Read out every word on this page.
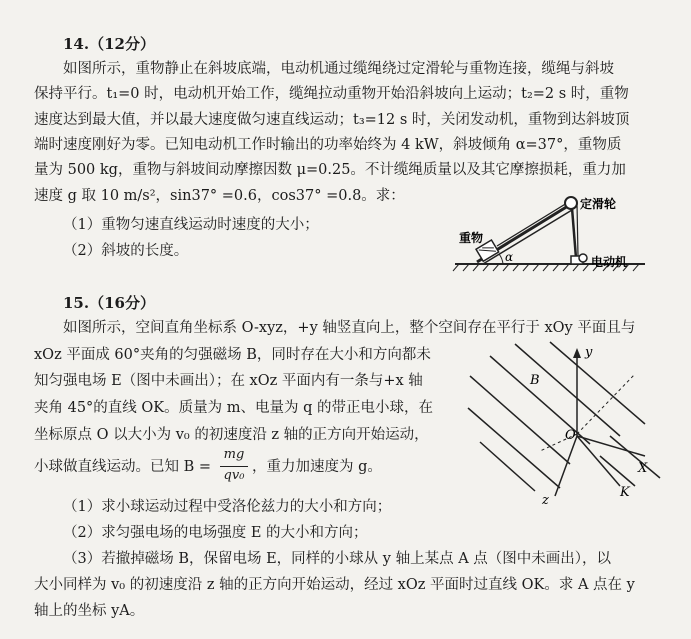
14.（12分）
如图所示，重物静止在斜坡底端，电动机通过缆绳绕过定滑轮与重物连接，缆绳与斜坡
保持平行。t₁=0 时，电动机开始工作，缆绳拉动重物开始沿斜坡向上运动；t₂=2 s 时，重物
速度达到最大值，并以最大速度做匀速直线运动；t₃=12 s 时，关闭发动机，重物到达斜坡顶
端时速度刚好为零。已知电动机工作时输出的功率始终为 4 kW，斜坡倾角 α=37°，重物质
量为 500 kg，重物与斜坡间动摩擦因数 μ=0.25。不计缆绳质量以及其它摩擦损耗，重力加
速度 g 取 10 m/s²，sin37° =0.6，cos37° =0.8。求：
（1）重物匀速直线运动时速度的大小；
（2）斜坡的长度。	α
定滑轮
重物
电动机
15.（16分）
如图所示，空间直角坐标系 O-xyz，+y 轴竖直向上，整个空间存在平行于 xOy 平面且与
xOz 平面成 60°夹角的匀强磁场 B，同时存在大小和方向都未
知匀强电场 E（图中未画出）；在 xOz 平面内有一条与+x 轴
夹角 45°的直线 OK。质量为 m、电量为 q 的带正电小球，在
坐标原点 O 以大小为 v₀ 的初速度沿 z 轴的正方向开始运动，
小球做直线运动。已知 B =
mg
qv₀
，重力加速度为 g。
（1）求小球运动过程中受洛伦兹力的大小和方向；
（2）求匀强电场的电场强度 E 的大小和方向；
（3）若撤掉磁场 B，保留电场 E，同样的小球从 y 轴上某点 A 点（图中未画出），以
大小同样为 v₀ 的初速度沿 z 轴的正方向开始运动，经过 xOz 平面时过直线 OK。求 A 点在 y
轴上的坐标 yA。
y
X
z
K
O
B
